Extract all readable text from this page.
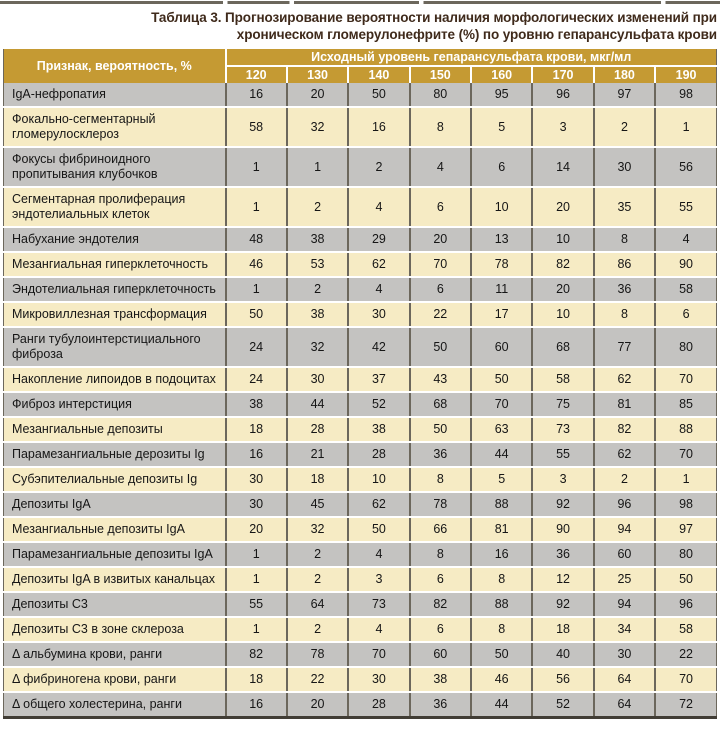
Таблица 3. Прогнозирование вероятности наличия морфологических изменений при хроническом гломерулонефрите (%) по уровню гепарансульфата крови
Признак, вероятность, %	Исходный уровень гепарансульфата крови, мкг/мл							
	120	130	140	150	160	170	180	190
IgA-нефропатия	16	20	50	80	95	96	97	98
Фокально-сегментарный гломерулосклероз	58	32	16	8	5	3	2	1
Фокусы фибриноидного пропитывания клубочков	1	1	2	4	6	14	30	56
Сегментарная пролиферация эндотелиальных клеток	1	2	4	6	10	20	35	55
Набухание эндотелия	48	38	29	20	13	10	8	4
Мезангиальная гиперклеточность	46	53	62	70	78	82	86	90
Эндотелиальная гиперклеточность	1	2	4	6	11	20	36	58
Микровиллезная трансформация	50	38	30	22	17	10	8	6
Ранги тубулоинтерстициального фиброза	24	32	42	50	60	68	77	80
Накопление липоидов в подоцитах	24	30	37	43	50	58	62	70
Фиброз интерстиция	38	44	52	68	70	75	81	85
Мезангиальные депозиты	18	28	38	50	63	73	82	88
Парамезангиальные дерозиты Ig	16	21	28	36	44	55	62	70
Субэпителиальные депозиты Ig	30	18	10	8	5	3	2	1
Депозиты IgA	30	45	62	78	88	92	96	98
Мезангиальные депозиты IgA	20	32	50	66	81	90	94	97
Парамезангиальные депозиты IgA	1	2	4	8	16	36	60	80
Депозиты IgA в извитых канальцах	1	2	3	6	8	12	25	50
Депозиты С3	55	64	73	82	88	92	94	96
Депозиты С3 в зоне склероза	1	2	4	6	8	18	34	58
Δ альбумина крови, ранги	82	78	70	60	50	40	30	22
Δ фибриногена крови, ранги	18	22	30	38	46	56	64	70
Δ общего холестерина, ранги	16	20	28	36	44	52	64	72
